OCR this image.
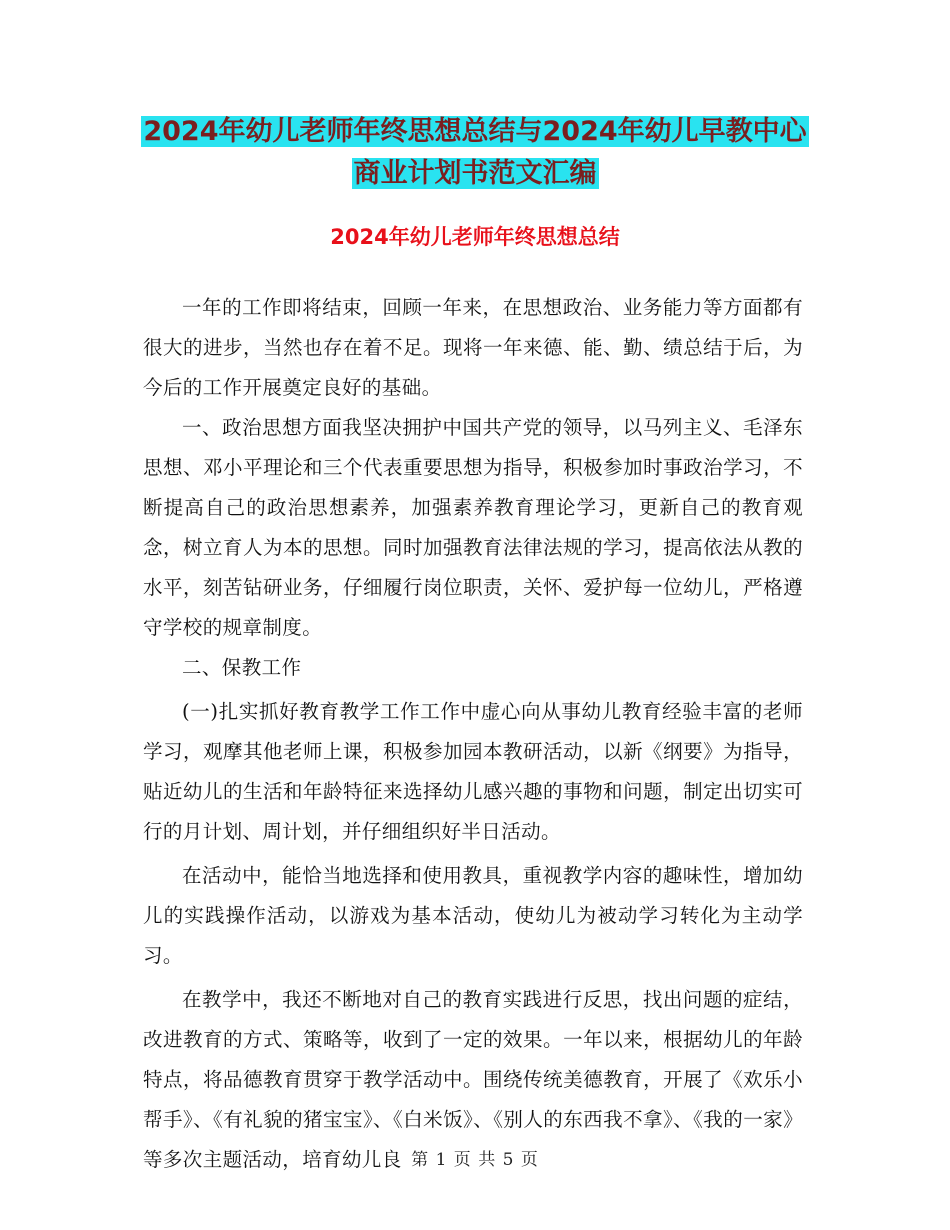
2024年幼儿老师年终思想总结与2024年幼儿早教中心
商业计划书范文汇编
2024年幼儿老师年终思想总结

一年的工作即将结束，回顾一年来，在思想政治、业务能力等方面都有很大的进步，当然也存在着不足。现将一年来德、能、勤、绩总结于后，为今后的工作开展奠定良好的基础。

一、政治思想方面我坚决拥护中国共产党的领导，以马列主义、毛泽东思想、邓小平理论和三个代表重要思想为指导，积极参加时事政治学习，不断提高自己的政治思想素养，加强素养教育理论学习，更新自己的教育观念，树立育人为本的思想。同时加强教育法律法规的学习，提高依法从教的水平，刻苦钻研业务，仔细履行岗位职责，关怀、爱护每一位幼儿，严格遵守学校的规章制度。

二、保教工作

(一)扎实抓好教育教学工作工作中虚心向从事幼儿教育经验丰富的老师学习，观摩其他老师上课，积极参加园本教研活动，以新《纲要》为指导，贴近幼儿的生活和年龄特征来选择幼儿感兴趣的事物和问题，制定出切实可行的月计划、周计划，并仔细组织好半日活动。

在活动中，能恰当地选择和使用教具，重视教学内容的趣味性，增加幼儿的实践操作活动，以游戏为基本活动，使幼儿为被动学习转化为主动学习。

在教学中，我还不断地对自己的教育实践进行反思，找出问题的症结，改进教育的方式、策略等，收到了一定的效果。一年以来，根据幼儿的年龄特点，将品德教育贯穿于教学活动中。围绕传统美德教育，开展了《欢乐小帮手》、《有礼貌的猪宝宝》、《白米饭》、《别人的东西我不拿》、《我的一家》等多次主题活动，培育幼儿良 第 1 页 共 5 页
